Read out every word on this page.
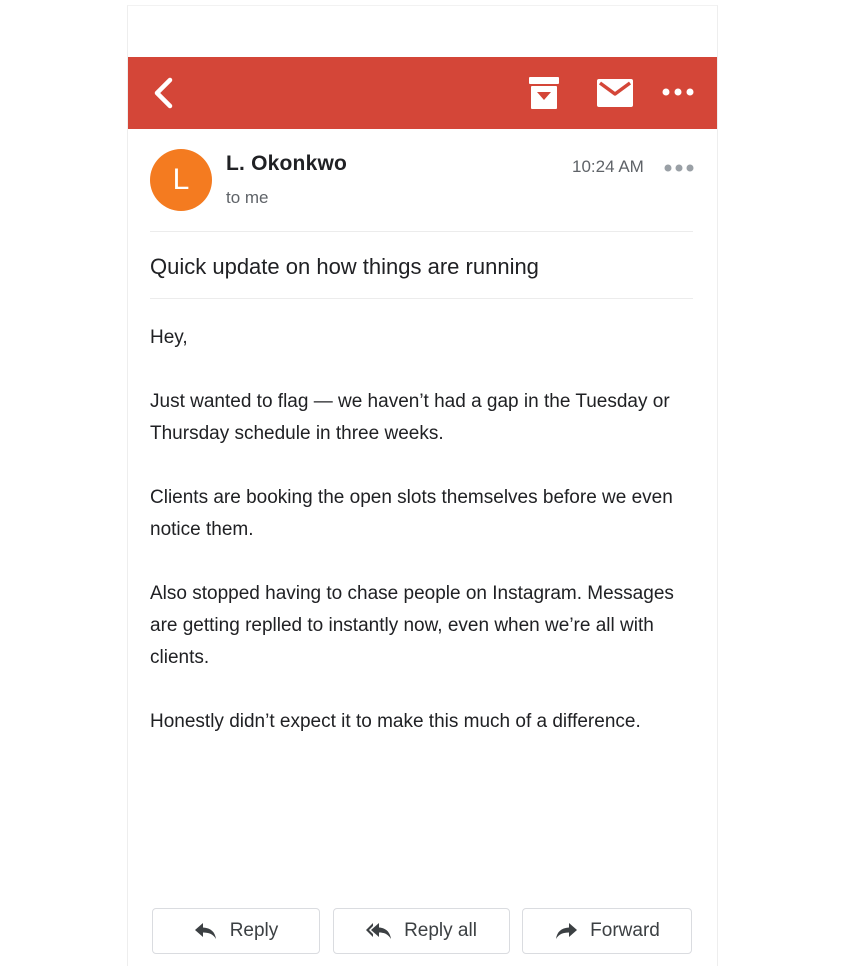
L	L. Okonkwo
to me
10:24 AM
Quick update on how things are running

Hey,

Just wanted to flag — we haven’t had a gap in the Tuesday or Thursday schedule in three weeks.

Clients are booking the open slots themselves before we even notice them.

Also stopped having to chase people on Instagram. Messages are getting replled to instantly now, even when we’re all with clients.

Honestly didn’t expect it to make this much of a difference.

Reply	Reply all	Forward
